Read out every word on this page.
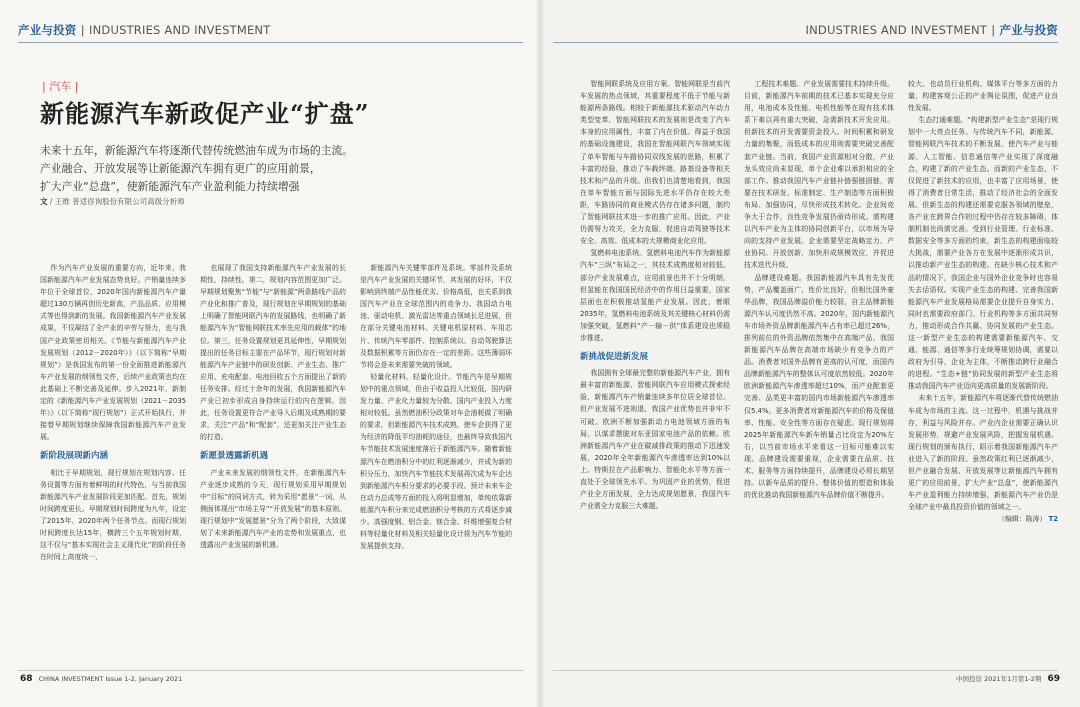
产业与投资 | INDUSTRIES AND INVESTMENT
| 汽车 |
新能源汽车新政促产业“扩盘”
未来十五年，新能源汽车将逐渐代替传统燃油车成为市场的主流。
产业融合、开放发展等让新能源汽车拥有更广的应用前景，
扩大产业“总盘”，使新能源汽车产业盈利能力持续增强
文 / 王维 普适咨询股份有限公司高级分析师

作为汽车产业发展的重要方向，近年来，我国新能源汽车产业发展态势良好。产销量连续多年位于全球首位，2020年国内新能源汽车产量超过130万辆再创历史新高，产品品质、应用模式等也得到新的发展。我国新能源汽车产业发展成果，不仅凝结了全产业的辛劳与努力，也与我国产业政策密切相关。《节能与新能源汽车产业发展规划（2012－2020年）》（以下简称“早期规划”）是我国发布的第一份全面推进新能源汽车产业发展的纲领性文件，后续产业政策也均在此基础上不断完善及延伸。步入2021年，新制定的《新能源汽车产业发展规划（2021－2035年）》（以下简称“现行规划”）正式开始执行，并接替早期规划继续保障我国新能源汽车产业发展。

新阶段展现新内涵

相比于早期规划，现行规划在规划内容、任务设置等方面有着鲜明的时代特色，与当前我国新能源汽车产业发展阶段更加匹配。首先，规划时间跨度更长。早期规划时间跨度为九年，设定了2015年、2020年两个任务节点。而现行规划时间跨度长达15年，横跨三个五年规划时期，这不仅与“基本实现社会主义现代化”的阶段任务在时间上高度统一，

也展现了我国支持新能源汽车产业发展的长期性、持续性。第二，规划内容范围更加广泛。早期规划聚焦“节能”与“新能源”两条路线产品的产业化和推广普及，现行规划在早期规划的基础上明确了智能网联汽车的发展路线，也明确了新能源汽车为“智能网联技术率先应用的载体”的地位。第三，任务设置规划更具延伸性，早期规划提出的任务目标主要在产品环节，现行规划对新能源汽车产业链中的研发创新、产业生态、推广应用、充电配套、电池回收五个方面提出了新的任务安排。经过十余年的发展，我国新能源汽车产业已初步形成自身持续运行的内在逻辑。因此，任务设置更符合产业导入后期及成熟期的要求，关注“产品”和“配套”，还更加关注产业生态的打造。

新愿景透露新机遇

产业未来发展的纲领性文件，在新能源汽车产业逐步成熟的今天，现行规划采用早期规划中“目标”的同词方式，转为采用“愿景”一词，从侧面体现出“市场主导”“开放发展”的基本原则。现行规划中“发展愿景”分为了两个阶段，大致谋划了未来新能源汽车产业的走势和发展重点，也透露出产业发展的新机遇。

新能源汽车关键零部件及系统。零部件及系统是汽车产业发展的关键环节，其发展的好坏，不仅影响到终端产品性能优劣、价格高低，也关系到我国汽车产业在全球范围内的竞争力。我国动力电池、驱动电机、激光雷达等重点领域长足进展，但在部分关键电池材料、关键电机原材料、车用芯片、传统汽车零部件、控制系统以、自动驾驶算法及数据积累等方面仍存在一定的差距。这些薄弱环节将会是未来需要突破的领域。

轻量化材料、轻量化设计。节能汽车是早期规划中的重点领域，但由于收益投入比较低，国内研发力量、产业化力量较为分散。国内产业投入力度相对较低。虽然燃油积分政策对车企油耗做了明确的要求，但新能源汽车技术成熟，使车企获得了更为经济的降低平均油耗的途径，也最终导致我国汽车节能技术发展速度落后于新能源汽车。随着新能源汽车在燃油积分中的红利逐渐减少，并成为新的积分压力，加快汽车节能技术发展再次成为车企达到新能源汽车积分要求的必要手段。预计未来车企在动力总成等方面的投入将明显增加，单纯依靠新能源汽车积分来完成燃油积分考核的方式将逐步减少。高强度钢、铝合金、镁合金、纤维增强复合材料等轻量化材料及相关轻量化设计将为汽车节能的发展提供支持。

68 CHINA INVESTMENT Issue 1-2, January 2021
INDUSTRIES AND INVESTMENT | 产业与投资

智能网联系统及应用方案。智能网联是当前汽车发展的热点领域，其重要程度不低于节能与新能源两条路线。相较于新能源技术驱动汽车动力类型变革，智能网联技术的发展则是改变了汽车本身的应用属性，丰富了内在价值。得益于我国的基础设施建设，我国在智能网联汽车领域实现了单车智能与车路协同双线发展的思路，积累了丰富的经验，推动了车载终端、路基设备等相关技术和产品的升级。但我们也清楚地看到，我国在单车智能方面与国际先进水平仍存在较大差距，车路协同的商业模式仍存在诸多问题，制约了智能网联技术进一步的推广应用。因此，产业仍需努力攻关，全力克服，促进自动驾驶等技术安全、高效、低成本的大规模商业化应用。

氢燃料电池系统。氢燃料电池汽车作为新能源汽车“三纵”布局之一，其技术成熟度相对较低。部分产业发展难点，应用前景也并不十分明朗，但氢能在我国国民经济中的作用日益重要，国家层面也在积极推动氢能产业发展。因此，着眼2035年，氢燃料电池系统及其关键核心材料仍需加强突破，氢燃料“产－输－供”体系建设也须稳步推进。

新挑战促进新发展

我国拥有全球最完整的新能源汽车产业，拥有最丰富的新能源、智能网联汽车应用模式探索经验，新能源汽车产销量连续多年位居全球首位。但产业发展不进则退，我国产业优势也并非牢不可破。欧洲不断加强新动力电池领域方面的布局，以谋求摆脱对东亚国家电池产品的依赖。欧洲新能源汽车产业在碳减排政策的推动下迅速发展，2020年全年新能源汽车渗透率达到10%以上。特斯拉在产品影响力、智能化水平等方面一直处于全球领先水平。为巩固产业的优势，促进产业全方面发展，全力达成规划愿景，我国汽车产业需全力克服三大难题。

工程技术难题。产业发展需要技术持续升级。目前，新能源汽车前期的技术已基本实现充分应用，电池成本及性能、电机性能等在现有技术体系下难以再有重大突破，急需新技术开发应用。但新技术的开发需要资金投入、时间积累和研发力量的集聚，而低成本的应用则需要突破完善配套产业链。当前，我国产业资源相对分散，产业龙头效应尚未显现，单个企业难以承担相应的全部工作。推动我国汽车产业链补链强链固链，需要在技术研发、标准制定、生产制造等方面积极布局、加强协同，尽快形成技术转化。企业间竞争大于合作，良性竞争发展仍亟待形成。需构建以汽车产业为主体的协同创新平台，以市场为导向的支持产业发展。企业需要坚定战略定力、产业协同、开放创新，加快形成规模效应，并促进技术迭代升级。

品牌建设难题。我国新能源汽车具有先发优势，产品覆盖面广，性价比良好，但相比国外豪华品牌，我国品牌溢价能力较弱，自主品牌新能源汽车认可度仍然不高。2020年，国内新能源汽车市场外资品牌新能源汽车占有率已超过26%，排列前位的外资品牌依然集中在高端产品，我国新能源汽车品牌在高端市场缺少有竞争力的产品。消费者对国外品牌有更高的认可度，而国内品牌新能源汽车的整体认可度依然较低。2020年欧洲新能源汽车渗透率超过10%，而产业配套更完善、品类更丰富的国内市场新能源汽车渗透率仅5.4%。更多消费者对新能源汽车的价格及保值率、性能、安全性等方面存在疑虑。现行规划将2025年新能源汽车新车销量占比设定为20%左右，以当前市场水平来看这一目标可能难以实现。品牌建设需要重视，企业需要在品质、技术、服务等方面持续提升，品牌建设必须长期坚持。以新车品质的提升、整体价值的塑造和体验的优化推动我国新能源汽车品牌价值不断提升。

较大。也动员行业机构、媒体平台等多方面的力量，构建客观公正的产业舆论氛围，促进产业良性发展。

生态打通难题。“构建新型产业生态”是现行规划中一大亮点任务。与传统汽车不同，新能源、智能网联汽车技术的不断发展，使汽车产业与能源、人工智能、信息通信等产业实现了深度融合，构建了新的产业生态。而新的产业生态，不仅促进了新技术的应用，也丰富了应用场景，使得了消费者日常生活，推动了经济社会的全面发展。但新生态的构建还需要克服各领域的壁垒，各产业在跨界合作的过程中仍存在较多障碍，体制机制也尚需完善。受到行业管理、行业标准、数据安全等多方面的约束，新生态的构建面临较大挑战，需要产业各方在发展中逐渐形成共识，以推动新产业生态的构建。在缺少核心技术和产品的情况下，我国企业与国外企业竞争时也容易失去话语权。实现产业生态的构建、完善我国新能源汽车产业发展格局需要企业提升自身实力，同时也需要政府部门、行业机构等多方面共同努力，推动形成合作共赢、协同发展的产业生态。这一新型产业生态的构建需要新能源汽车、交通、能源、通信等多行业统筹规划协调，需要以政府为引导，企业为主体，不断推动跨行业融合的进程。“生态+链”协同发展的新型产业生态将推动我国汽车产业迈向更高质量的发展新阶段。

未来十五年，新能源汽车将逐渐代替传统燃油车成为市场的主流。这一过程中，机遇与挑战并存，利益与风险并存。产业内企业需要正确认识发展形势，规避产业发展风险，把握发展机遇。现行规划的颁布执行，昭示着我国新能源汽车产业进入了新的阶段。虽然政策红利已逐渐减少，但产业融合发展、开放发展等让新能源汽车拥有更广的应用前景，扩大产业“总盘”，使新能源汽车产业盈利能力持续增强，新能源汽车产业仍是全球产业中最具投资价值的领域之一。

（编辑：陈涛） T2

中国投资 2021年1月第1-2期 69
